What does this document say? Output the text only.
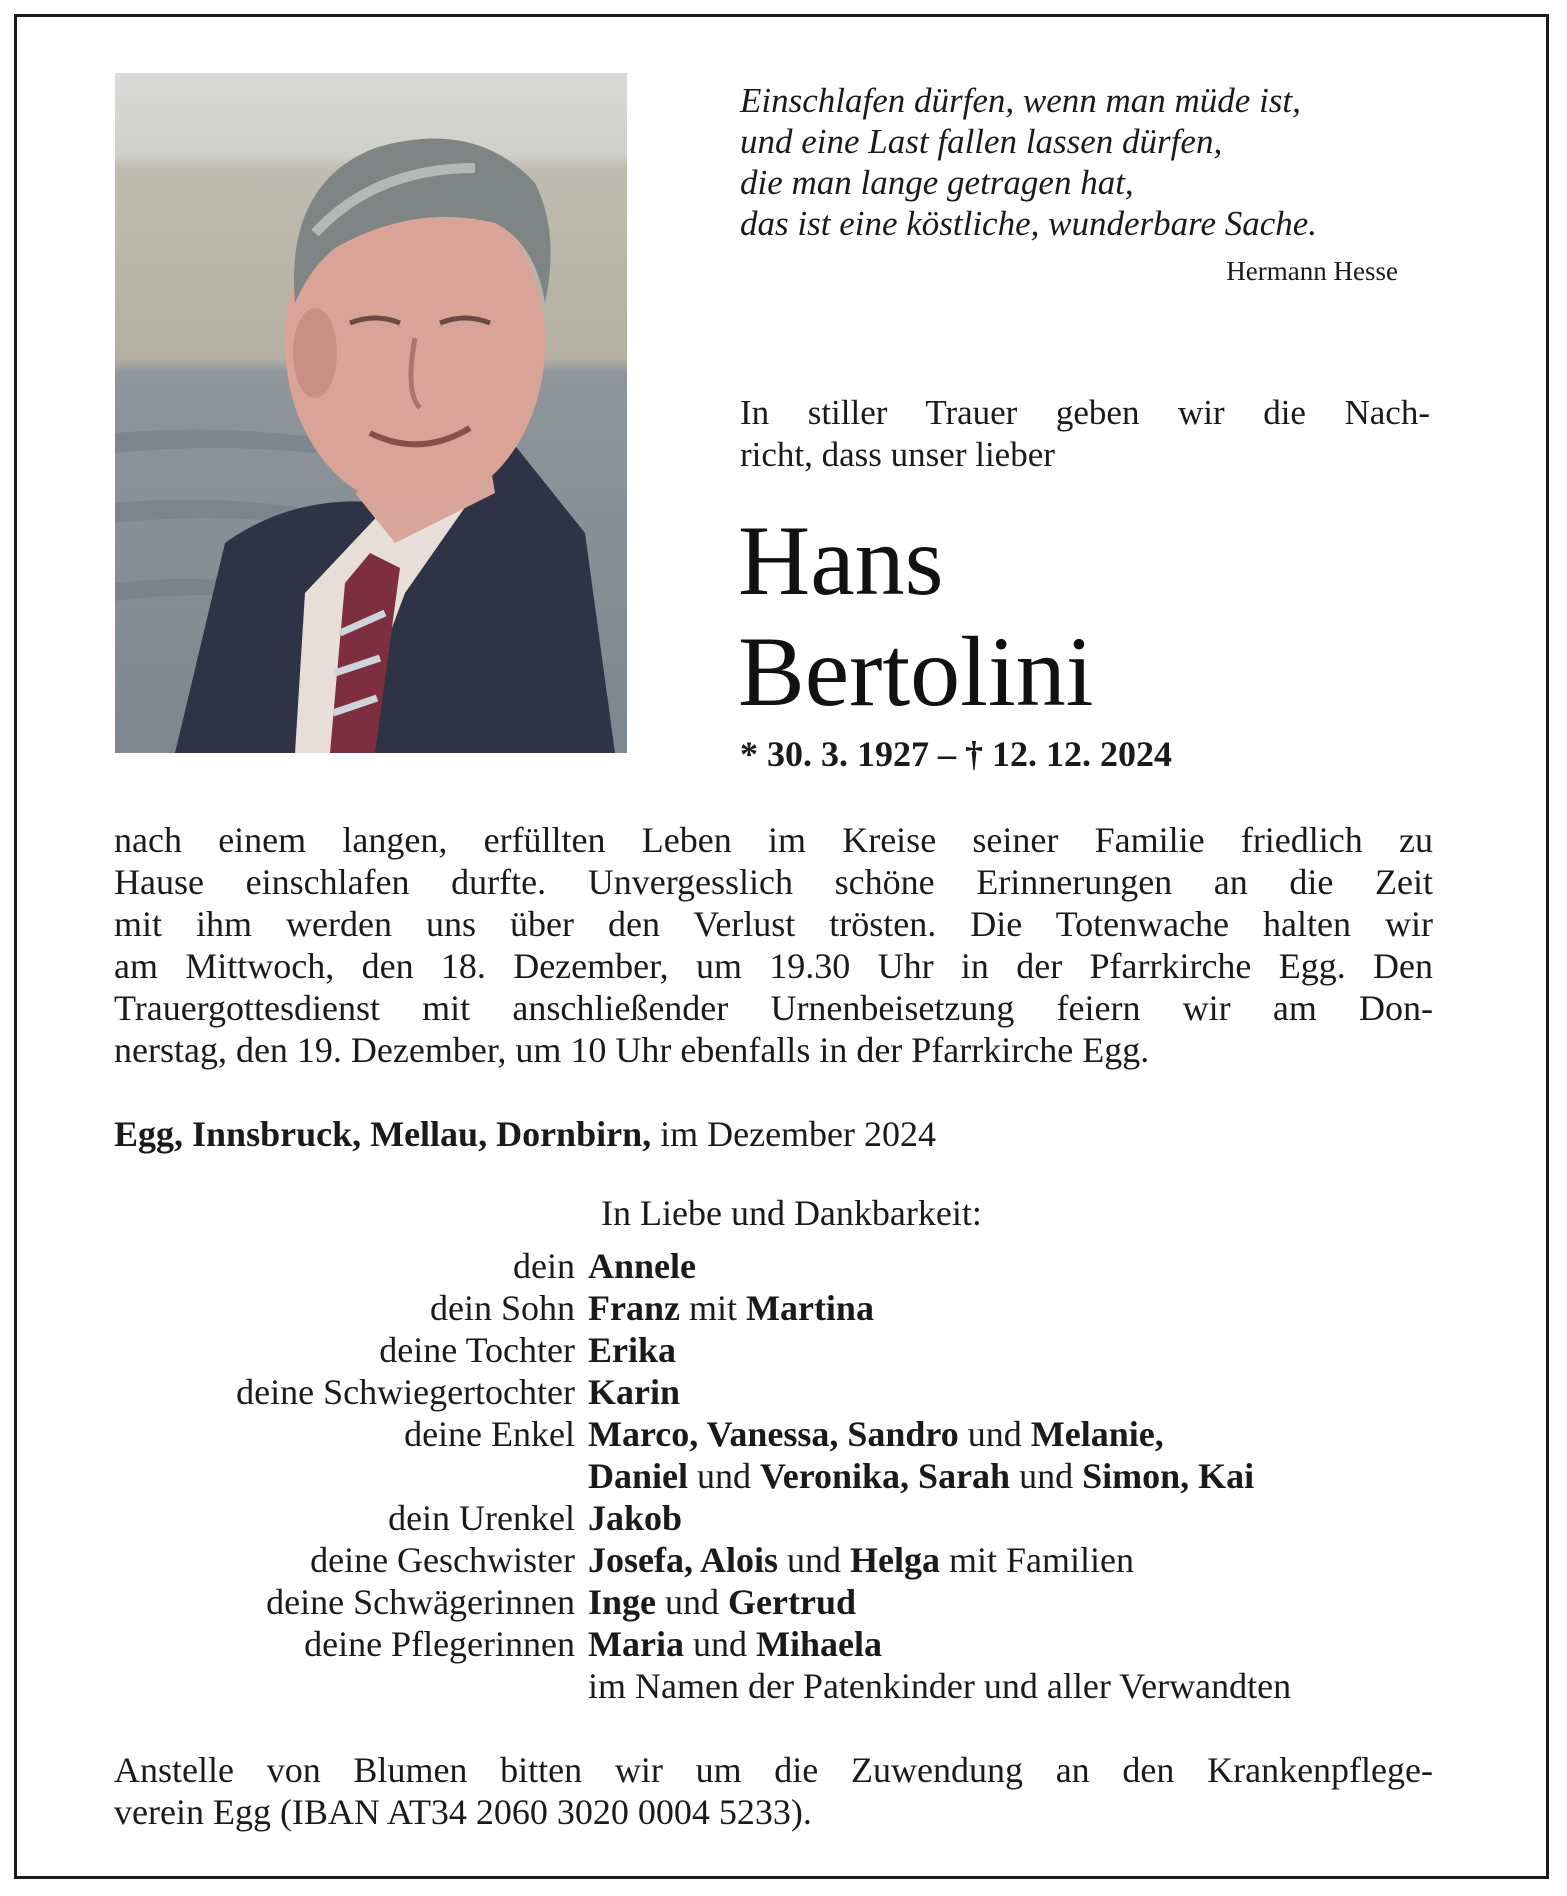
Einschlafen dürfen, wenn man müde ist,
und eine Last fallen lassen dürfen,
die man lange getragen hat,
das ist eine köstliche, wunderbare Sache.
Hermann Hesse
In stiller Trauer geben wir die Nach-
richt, dass unser lieber
Hans
Bertolini
* 30. 3. 1927 – † 12. 12. 2024
nach einem langen, erfüllten Leben im Kreise seiner Familie friedlich zu
Hause einschlafen durfte. Unvergesslich schöne Erinnerungen an die Zeit
mit ihm werden uns über den Verlust trösten. Die Totenwache halten wir
am Mittwoch, den 18. Dezember, um 19.30 Uhr in der Pfarrkirche Egg. Den
Trauergottesdienst mit anschließender Urnenbeisetzung feiern wir am Don-
nerstag, den 19. Dezember, um 10 Uhr ebenfalls in der Pfarrkirche Egg.
Egg, Innsbruck, Mellau, Dornbirn, im Dezember 2024
In Liebe und Dankbarkeit:
dein Annele
dein Sohn Franz mit Martina
deine Tochter Erika
deine Schwiegertochter Karin
deine Enkel Marco, Vanessa, Sandro und Melanie,
Daniel und Veronika, Sarah und Simon, Kai
dein Urenkel Jakob
deine Geschwister Josefa, Alois und Helga mit Familien
deine Schwägerinnen Inge und Gertrud
deine Pflegerinnen Maria und Mihaela
im Namen der Patenkinder und aller Verwandten
Anstelle von Blumen bitten wir um die Zuwendung an den Krankenpflege-
verein Egg (IBAN AT34 2060 3020 0004 5233).
